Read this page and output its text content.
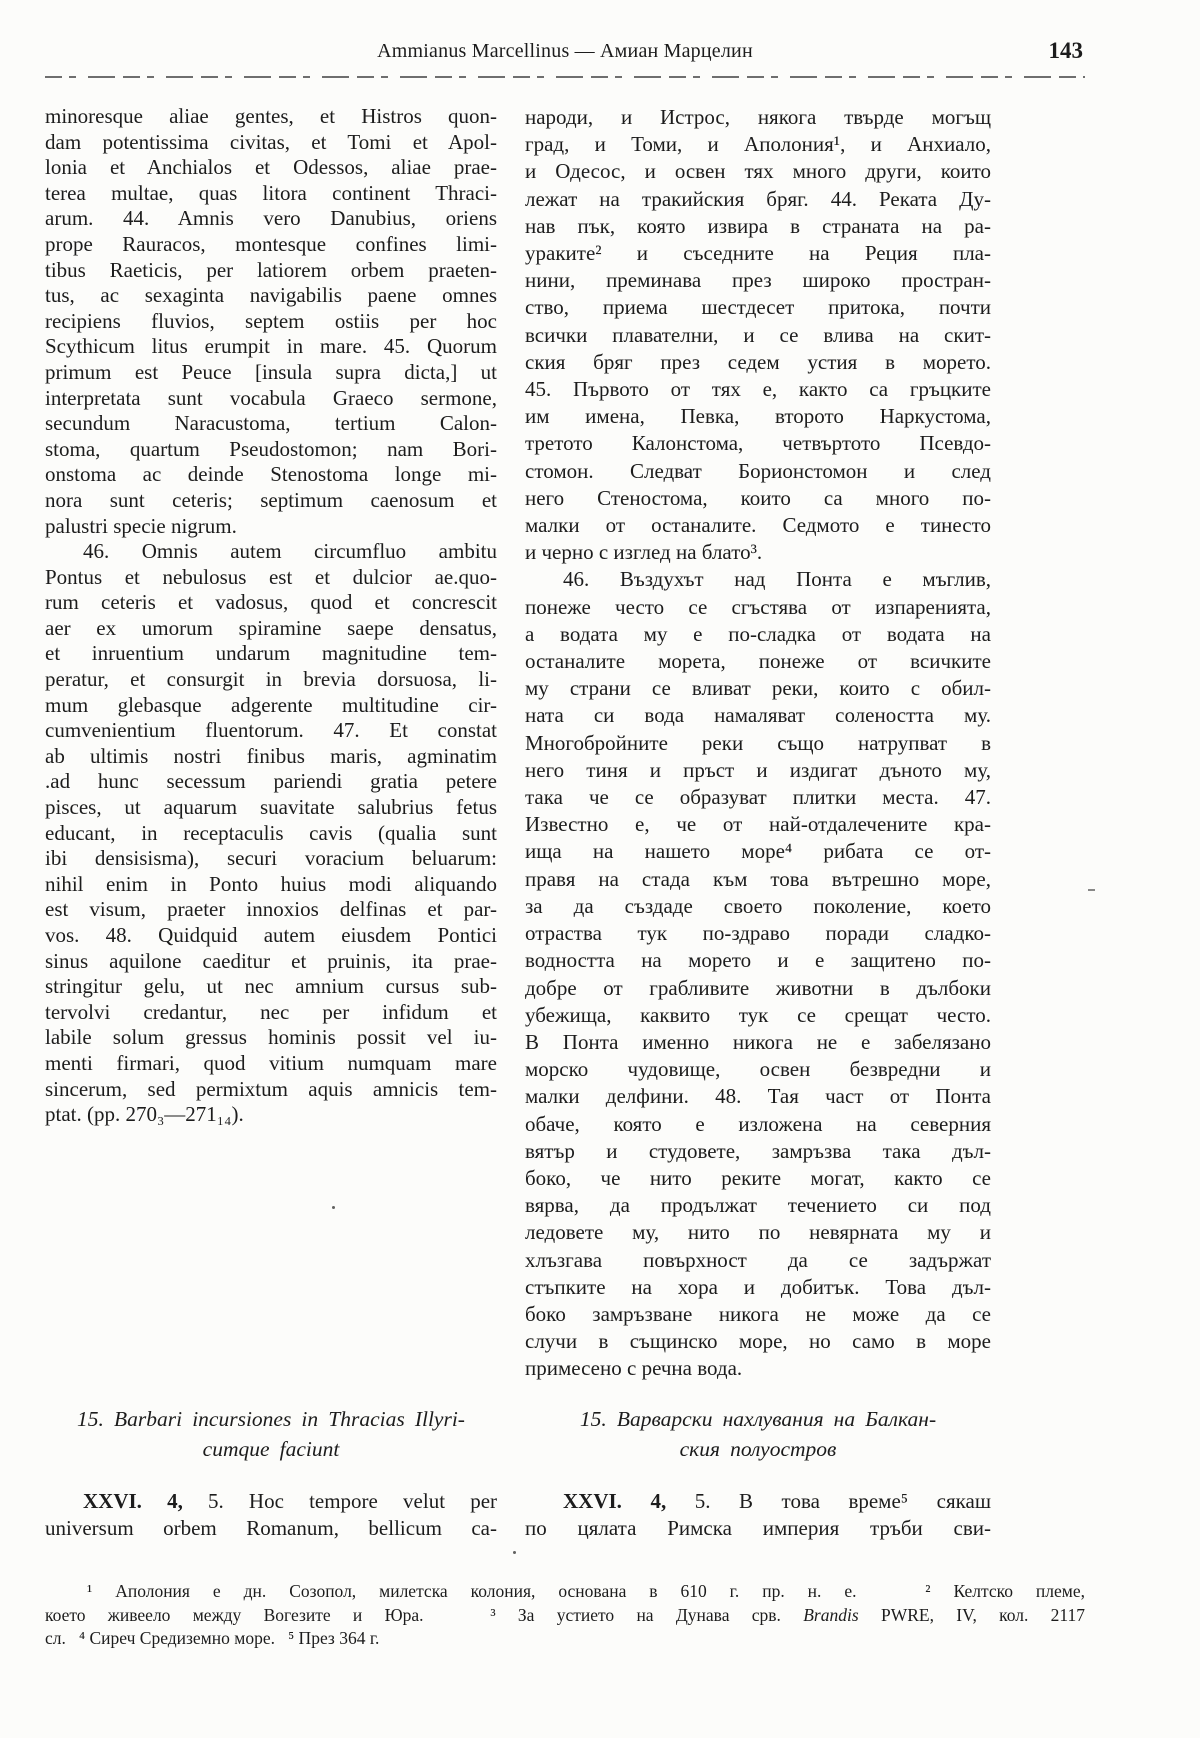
Ammianus Marcellinus — Амиан Марцелин	143
minoresque aliae gentes, et Histros quon-
dam potentissima civitas, et Tomi et Apol-
lonia et Anchialos et Odessos, aliae prae-
terea multae, quas litora continent Thraci-
arum. 44. Amnis vero Danubius, oriens
prope Rauracos, montesque confines limi-
tibus Raeticis, per latiorem orbem praeten-
tus, ac sexaginta navigabilis paene omnes
recipiens fluvios, septem ostiis per hoc
Scythicum litus erumpit in mare. 45. Quorum
primum est Peuce [insula supra dicta,] ut
interpretata sunt vocabula Graeco sermone,
secundum Naracustoma, tertium Calon-
stoma, quartum Pseudostomon; nam Bori-
onstoma ac deinde Stenostoma longe mi-
nora sunt ceteris; septimum caenosum et
palustri specie nigrum.
46. Omnis autem circumfluo ambitu
Pontus et nebulosus est et dulcior ae.quo-
rum ceteris et vadosus, quod et concrescit
aer ex umorum spiramine saepe densatus,
et inruentium undarum magnitudine tem-
peratur, et consurgit in brevia dorsuosa, li-
mum glebasque adgerente multitudine cir-
cumvenientium fluentorum. 47. Et constat
ab ultimis nostri finibus maris, agminatim
.ad hunc secessum pariendi gratia petere
pisces, ut aquarum suavitate salubrius fetus
educant, in receptaculis cavis (qualia sunt
ibi densisisma), securi voracium beluarum:
nihil enim in Ponto huius modi aliquando
est visum, praeter innoxios delfinas et par-
vos. 48. Quidquid autem eiusdem Pontici
sinus aquilone caeditur et pruinis, ita prae-
stringitur gelu, ut nec amnium cursus sub-
tervolvi credantur, nec per infidum et
labile solum gressus hominis possit vel iu-
menti firmari, quod vitium numquam mare
sincerum, sed permixtum aquis amnicis tem-
ptat. (pp. 270₃—271₁₄).
15. Barbari incursiones in Thracias Illyri-
cumque faciunt
XXVI. 4, 5. Hoc tempore velut per
universum orbem Romanum, bellicum ca-
народи, и Истрос, някога твърде могъщ
град, и Томи, и Аполония¹, и Анхиало,
и Одесос, и освен тях много други, които
лежат на тракийския бряг. 44. Реката Ду-
нав пък, която извира в страната на ра-
ураките² и съседните на Реция пла-
нини, преминава през широко простран-
ство, приема шестдесет притока, почти
всички плавателни, и се влива на скит-
ския бряг през седем устия в морето.
45. Първото от тях е, както са гръцките
им имена, Певка, второто Наркустома,
третото Калонстома, четвъртото Псевдо-
стомон. Следват Борионстомон и след
него Стеностома, които са много по-
малки от останалите. Седмото е тинесто
и черно с изглед на блато³.
46. Въздухът над Понта е мъглив,
понеже често се сгъстява от изпаренията,
а водата му е по-сладка от водата на
останалите морета, понеже от всичките
му страни се вливат реки, които с обил-
ната си вода намаляват солеността му.
Многобройните реки също натрупват в
него тиня и пръст и издигат дъното му,
така че се образуват плитки места. 47.
Известно е, че от най-отдалечените кра-
ища на нашето море⁴ рибата се от-
правя на стада към това вътрешно море,
за да създаде своето поколение, което
отраства тук по-здраво поради сладко-
водността на морето и е защитено по-
добре от грабливите животни в дълбоки
убежища, каквито тук се срещат често.
В Понта именно никога не е забелязано
морско чудовище, освен безвредни и
малки делфини. 48. Тая част от Понта
обаче, която е изложена на северния
вятър и студовете, замръзва така дъл-
боко, че нито реките могат, както се
вярва, да продължат течението си под
ледовете му, нито по невярната му и
хлъзгава повърхност да се задържат
стъпките на хора и добитък. Това дъл-
боко замръзване никога не може да се
случи в същинско море, но само в море
примесено с речна вода.
15. Варварски нахлувания на Балкан-
ския полуостров
XXVI. 4, 5. В това време⁵ сякаш
по цялата Римска империя тръби сви-
¹ Аполония е дн. Созопол, милетска колония, основана в 610 г. пр. н. е.   ² Келтско племе,
което живеело между Вогезите и Юра.   ³ За устието на Дунава срв. Brandis PWRE, IV, кол. 2117
сл.   ⁴ Сиреч Средиземно море.   ⁵ През 364 г.
